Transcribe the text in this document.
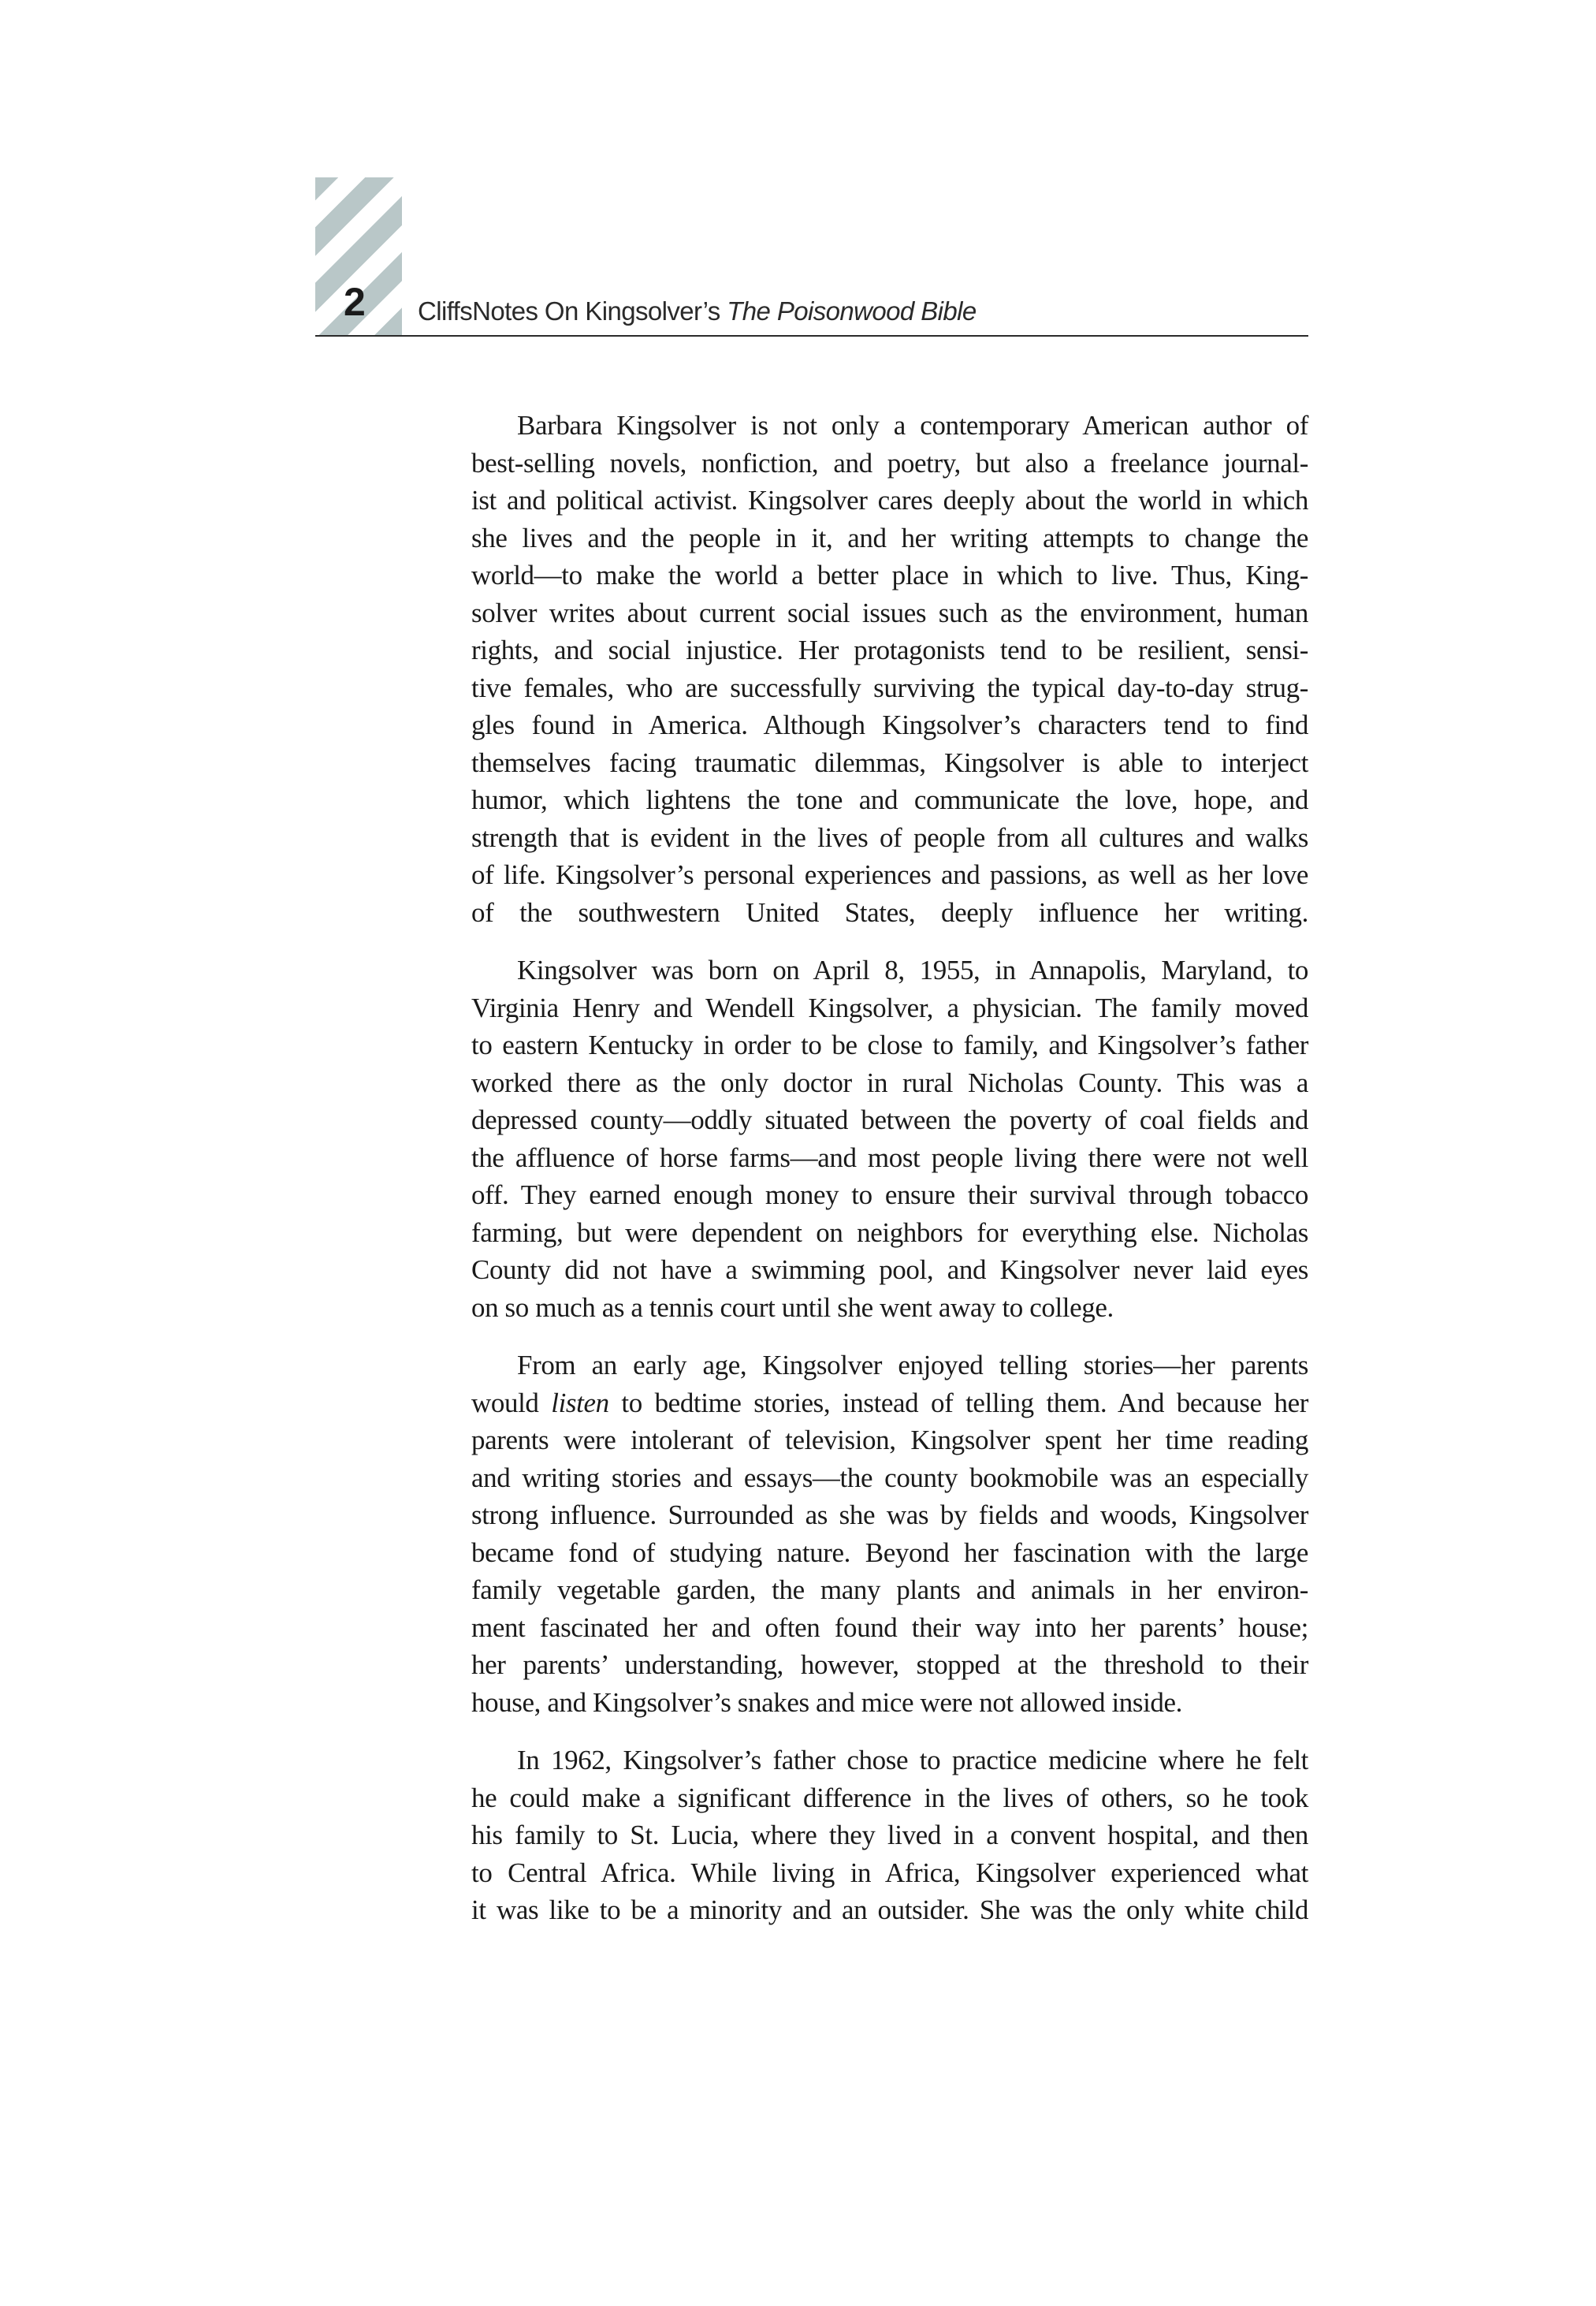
2 CliffsNotes On Kingsolver’s The Poisonwood Bible
Barbara Kingsolver is not only a contemporary American author of
best-selling novels, nonfiction, and poetry, but also a freelance journal-
ist and political activist. Kingsolver cares deeply about the world in which
she lives and the people in it, and her writing attempts to change the
world—to make the world a better place in which to live. Thus, King-
solver writes about current social issues such as the environment, human
rights, and social injustice. Her protagonists tend to be resilient, sensi-
tive females, who are successfully surviving the typical day-to-day strug-
gles found in America. Although Kingsolver’s characters tend to find
themselves facing traumatic dilemmas, Kingsolver is able to interject
humor, which lightens the tone and communicate the love, hope, and
strength that is evident in the lives of people from all cultures and walks
of life. Kingsolver’s personal experiences and passions, as well as her love
of the southwestern United States, deeply influence her writing.
Kingsolver was born on April 8, 1955, in Annapolis, Maryland, to
Virginia Henry and Wendell Kingsolver, a physician. The family moved
to eastern Kentucky in order to be close to family, and Kingsolver’s father
worked there as the only doctor in rural Nicholas County. This was a
depressed county—oddly situated between the poverty of coal fields and
the affluence of horse farms—and most people living there were not well
off. They earned enough money to ensure their survival through tobacco
farming, but were dependent on neighbors for everything else. Nicholas
County did not have a swimming pool, and Kingsolver never laid eyes
on so much as a tennis court until she went away to college.
From an early age, Kingsolver enjoyed telling stories—her parents
would listen to bedtime stories, instead of telling them. And because her
parents were intolerant of television, Kingsolver spent her time reading
and writing stories and essays—the county bookmobile was an especially
strong influence. Surrounded as she was by fields and woods, Kingsolver
became fond of studying nature. Beyond her fascination with the large
family vegetable garden, the many plants and animals in her environ-
ment fascinated her and often found their way into her parents’ house;
her parents’ understanding, however, stopped at the threshold to their
house, and Kingsolver’s snakes and mice were not allowed inside.
In 1962, Kingsolver’s father chose to practice medicine where he felt
he could make a significant difference in the lives of others, so he took
his family to St. Lucia, where they lived in a convent hospital, and then
to Central Africa. While living in Africa, Kingsolver experienced what
it was like to be a minority and an outsider. She was the only white child
